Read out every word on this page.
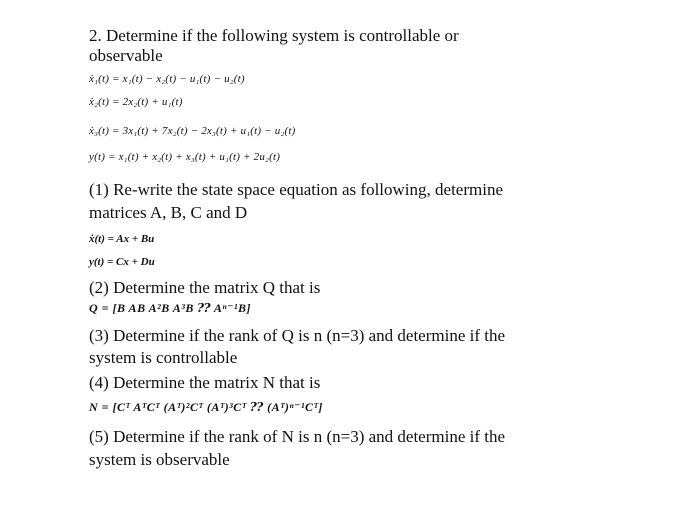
2. Determine if the following system is controllable or
observable
ẋ₁(t) = x₁(t) − x₂(t) − u₁(t) − u₂(t)
ẋ₂(t) = 2x₂(t) + u₁(t)
ẋ₃(t) = 3x₁(t) + 7x₂(t) − 2x₃(t) + u₁(t) − u₂(t)
y(t) = x₁(t) + x₂(t) + x₃(t) + u₁(t) + 2u₂(t)
(1) Re-write the state space equation as following, determine
matrices A, B, C and D
ẋ(t) = Ax + Bu
y(t) = Cx + Du
(2) Determine the matrix Q that is
Q = [B AB A²B A³B ⁇ Aⁿ⁻¹B]
(3) Determine if the rank of Q is n (n=3) and determine if the
system is controllable
(4) Determine the matrix N that is
N = [Cᵀ AᵀCᵀ (Aᵀ)²Cᵀ (Aᵀ)³Cᵀ ⁇ (Aᵀ)ⁿ⁻¹Cᵀ]
(5) Determine if the rank of N is n (n=3) and determine if the
system is observable
